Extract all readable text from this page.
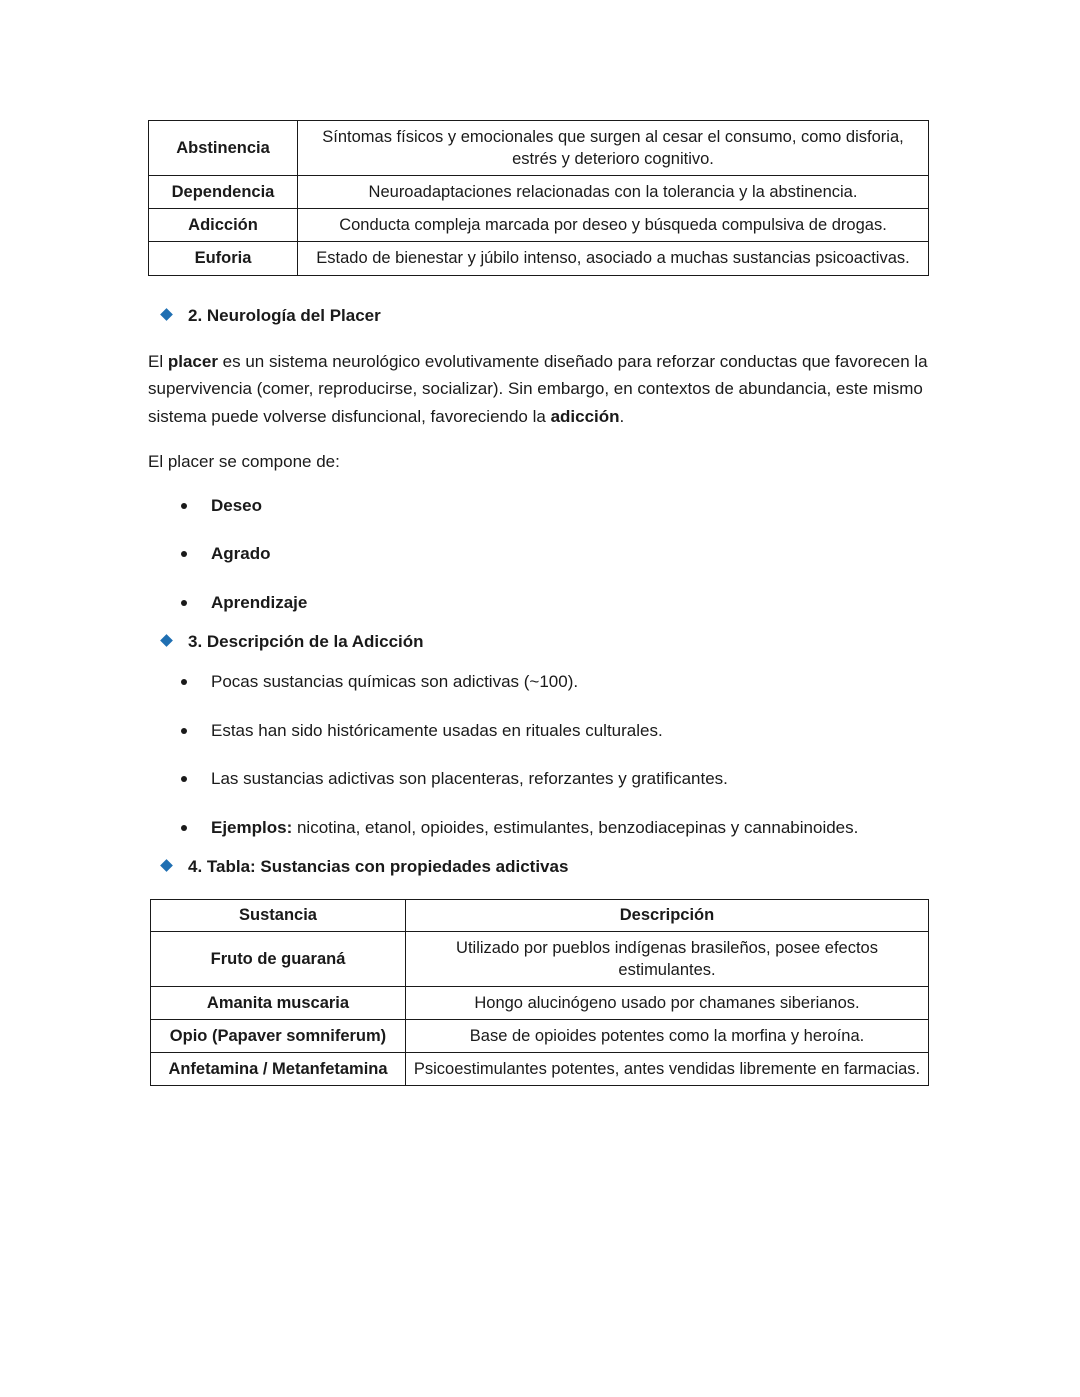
Abstinencia	Síntomas físicos y emocionales que surgen al cesar el consumo, como disforia, estrés y deterioro cognitivo.
Dependencia	Neuroadaptaciones relacionadas con la tolerancia y la abstinencia.
Adicción	Conducta compleja marcada por deseo y búsqueda compulsiva de drogas.
Euforia	Estado de bienestar y júbilo intenso, asociado a muchas sustancias psicoactivas.
2. Neurología del Placer

El placer es un sistema neurológico evolutivamente diseñado para reforzar conductas que favorecen la supervivencia (comer, reproducirse, socializar). Sin embargo, en contextos de abundancia, este mismo sistema puede volverse disfuncional, favoreciendo la adicción.

El placer se compone de:

Deseo
Agrado
Aprendizaje
3. Descripción de la Adicción
Pocas sustancias químicas son adictivas (~100).
Estas han sido históricamente usadas en rituales culturales.
Las sustancias adictivas son placenteras, reforzantes y gratificantes.
Ejemplos: nicotina, etanol, opioides, estimulantes, benzodiacepinas y cannabinoides.
4. Tabla: Sustancias con propiedades adictivas
Sustancia	Descripción
Fruto de guaraná	Utilizado por pueblos indígenas brasileños, posee efectos estimulantes.
Amanita muscaria	Hongo alucinógeno usado por chamanes siberianos.
Opio (Papaver somniferum)	Base de opioides potentes como la morfina y heroína.
Anfetamina / Metanfetamina	Psicoestimulantes potentes, antes vendidas libremente en farmacias.
